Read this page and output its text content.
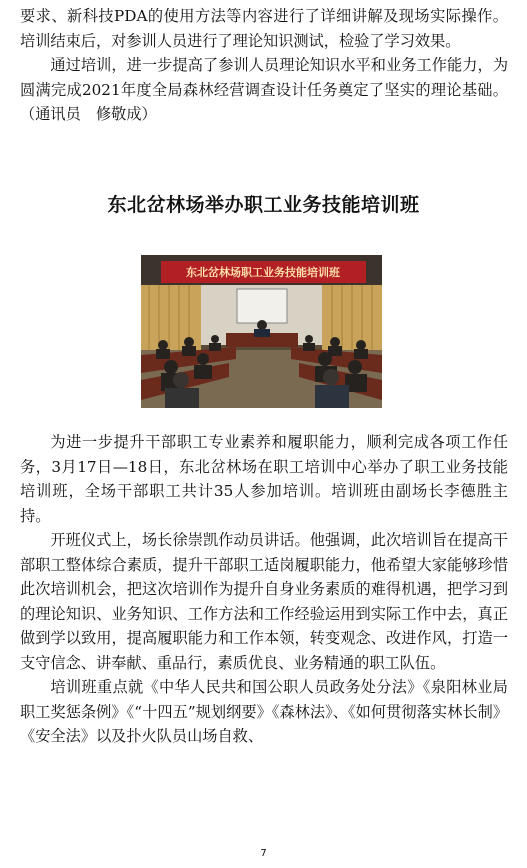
要求、新科技PDA的使用方法等内容进行了详细讲解及现场实际操作。培训结束后，对参训人员进行了理论知识测试，检验了学习效果。

通过培训，进一步提高了参训人员理论知识水平和业务工作能力，为圆满完成2021年度全局森林经营调查设计任务奠定了坚实的理论基础。（通讯员　修敬成）

东北岔林场举办职工业务技能培训班
东北岔林场职工业务技能培训班

为进一步提升干部职工专业素养和履职能力，顺利完成各项工作任务，3月17日—18日，东北岔林场在职工培训中心举办了职工业务技能培训班，全场干部职工共计35人参加培训。培训班由副场长李德胜主持。

开班仪式上，场长徐崇凯作动员讲话。他强调，此次培训旨在提高干部职工整体综合素质，提升干部职工适岗履职能力，他希望大家能够珍惜此次培训机会，把这次培训作为提升自身业务素质的难得机遇，把学习到的理论知识、业务知识、工作方法和工作经验运用到实际工作中去，真正做到学以致用，提高履职能力和工作本领，转变观念、改进作风，打造一支守信念、讲奉献、重品行，素质优良、业务精通的职工队伍。

培训班重点就《中华人民共和国公职人员政务处分法》《泉阳林业局职工奖惩条例》《“十四五”规划纲要》《森林法》、《如何贯彻落实林长制》《安全法》以及扑火队员山场自救、

7
